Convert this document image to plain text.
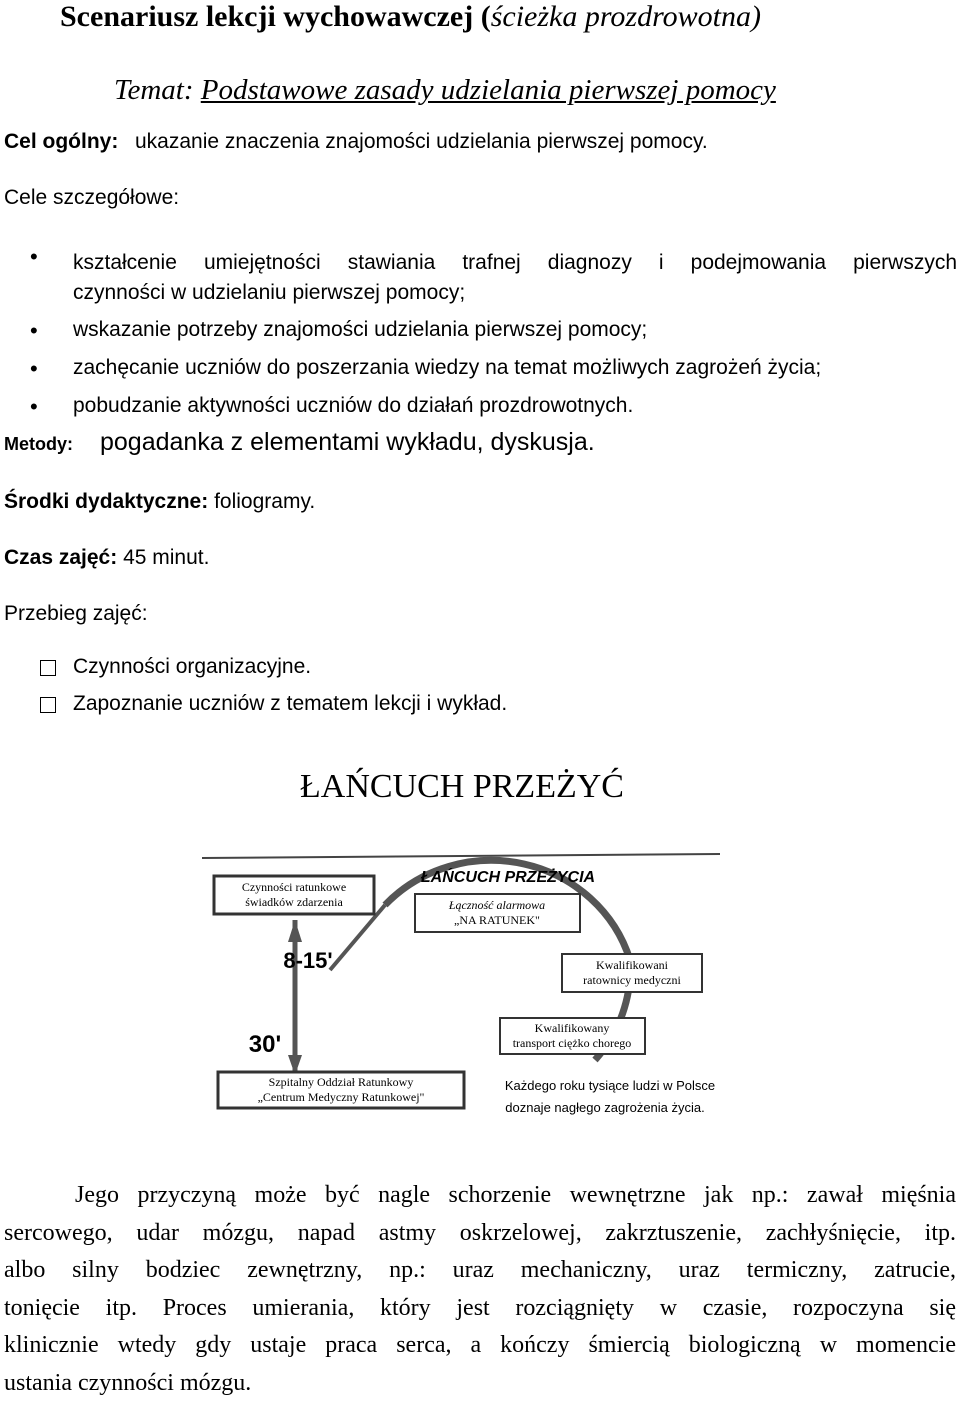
Scenariusz lekcji wychowawczej (ścieżka prozdrowotna)
Temat: Podstawowe zasady udzielania pierwszej pomocy
Cel ogólny: ukazanie znaczenia znajomości udzielania pierwszej pomocy.
Cele szczegółowe:
• kształcenie umiejętności stawiania trafnej diagnozy i podejmowania pierwszych
czynności w udzielaniu pierwszej pomocy;
• wskazanie potrzeby znajomości udzielania pierwszej pomocy;
• zachęcanie uczniów do poszerzania wiedzy na temat możliwych zagrożeń życia;
• pobudzanie aktywności uczniów do działań prozdrowotnych.
Metody: pogadanka z elementami wykładu, dyskusja.
Środki dydaktyczne: foliogramy.
Czas zajęć: 45 minut.
Przebieg zajęć:
Czynności organizacyjne.
Zapoznanie uczniów z tematem lekcji i wykład.
ŁAŃCUCH PRZEŻYĆ
Czynności ratunkowe
świadków zdarzenia
ŁAŃCUCH PRZEŻYCIA
Łączność alarmowa
„NA RATUNEK"
8-15'	Kwalifikowani
ratownicy medyczni
30'
Kwalifikowany
transport ciężko chorego
Szpitalny Oddział Ratunkowy
„Centrum Medyczny Ratunkowej"
Każdego roku tysiące ludzi w Polsce
doznaje nagłego zagrożenia życia.
Jego przyczyną może być nagle schorzenie wewnętrzne jak np.: zawał mięśnia
sercowego, udar mózgu, napad astmy oskrzelowej, zakrztuszenie, zachłyśnięcie, itp.
albo silny bodziec zewnętrzny, np.: uraz mechaniczny, uraz termiczny, zatrucie,
tonięcie itp. Proces umierania, który jest rozciągnięty w czasie, rozpoczyna się
klinicznie wtedy gdy ustaje praca serca, a kończy śmiercią biologiczną w momencie
ustania czynności mózgu.
